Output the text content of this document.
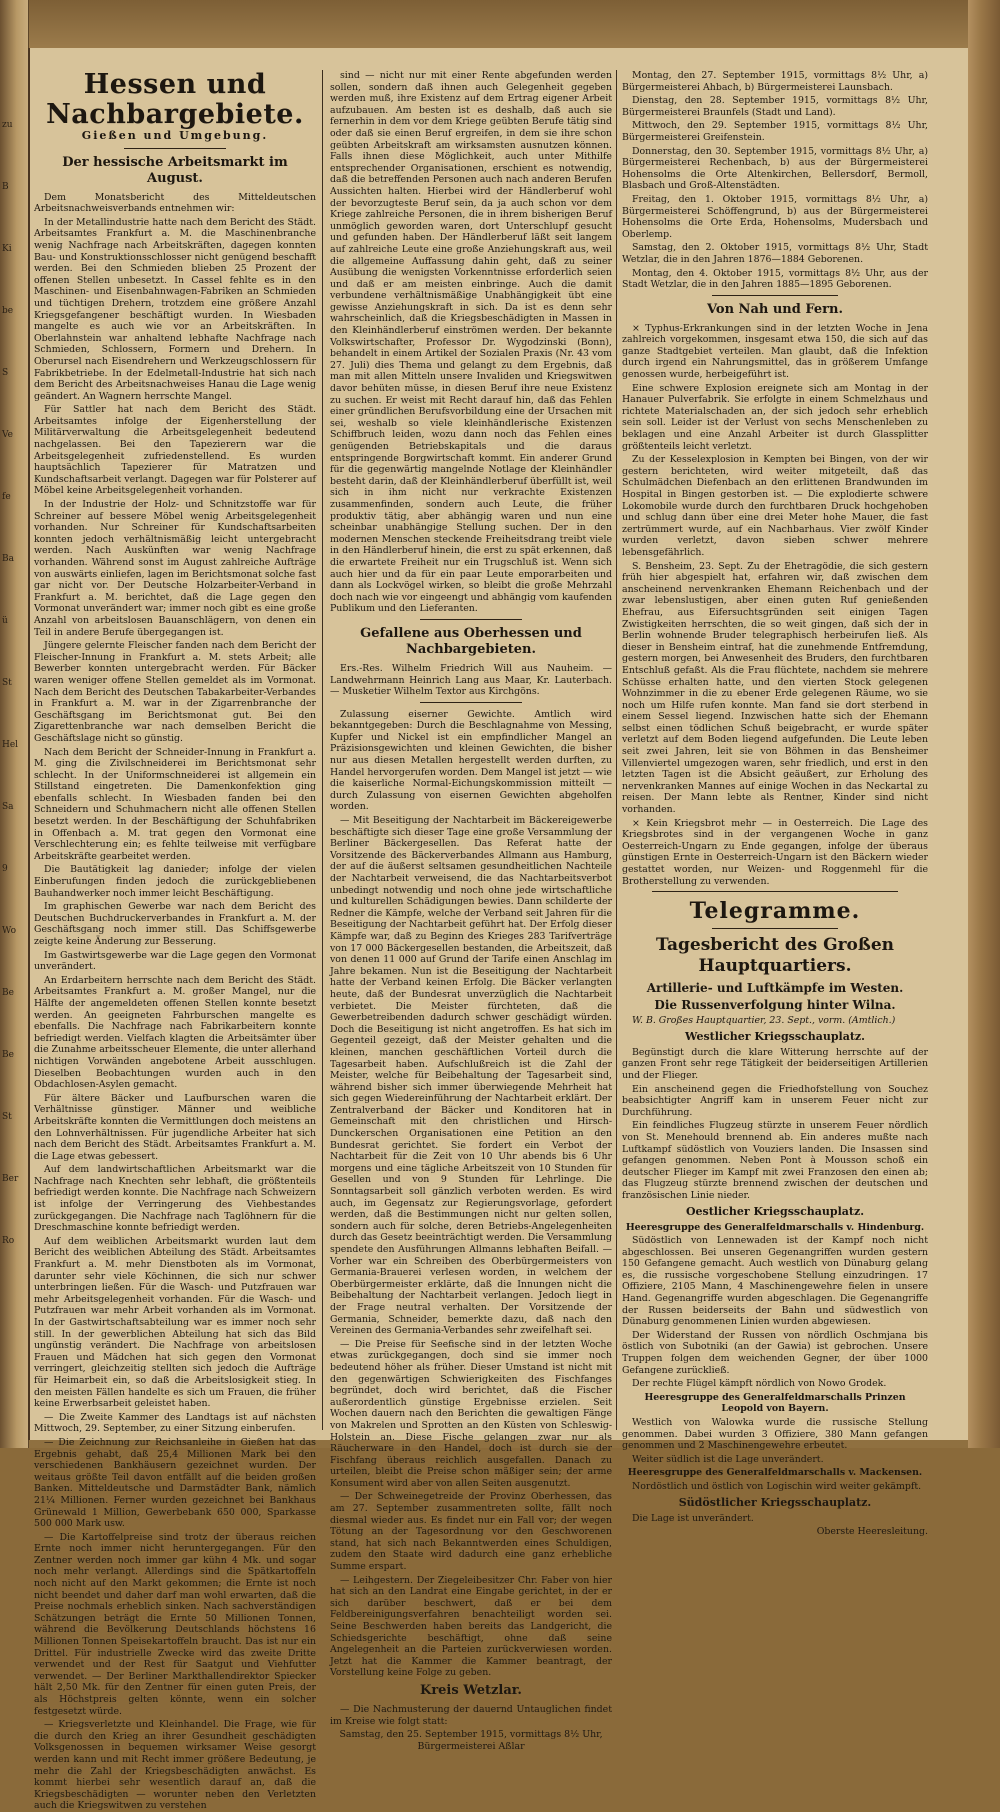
zu
B
Ki
be
S
Ve
fe
Ba
ü
St
Hel
Sa
9
Wo
Be
Be
St
Ber
Ro
Hessen und Nachbargebiete.
Gießen und Umgebung.
Der hessische Arbeitsmarkt im August.

Dem Monatsbericht des Mitteldeutschen Arbeitsnachweisverbands entnehmen wir:

In der Metallindustrie hatte nach dem Bericht des Städt. Arbeitsamtes Frankfurt a. M. die Maschinenbranche wenig Nachfrage nach Arbeitskräften, dagegen konnten Bau- und Konstruktionsschlosser nicht genügend beschafft werden. Bei den Schmieden blieben 25 Prozent der offenen Stellen unbesetzt. In Cassel fehlte es in den Maschinen- und Eisenbahnwagen-Fabriken an Schmieden und tüchtigen Drehern, trotzdem eine größere Anzahl Kriegsgefangener beschäftigt wurden. In Wiesbaden mangelte es auch wie vor an Arbeitskräften. In Oberlahnstein war anhaltend lebhafte Nachfrage nach Schmieden, Schlossern, Formern und Drehern. In Oberursel nach Eisendrehern und Werkzeugschlossern für Fabrikbetriebe. In der Edelmetall-Industrie hat sich nach dem Bericht des Arbeitsnachweises Hanau die Lage wenig geändert. An Wagnern herrschte Mangel.

Für Sattler hat nach dem Bericht des Städt. Arbeitsamtes infolge der Eigenherstellung der Militärverwaltung die Arbeitsgelegenheit bedeutend nachgelassen. Bei den Tapezierern war die Arbeitsgelegenheit zufriedenstellend. Es wurden hauptsächlich Tapezierer für Matratzen und Kundschaftsarbeit verlangt. Dagegen war für Polsterer auf Möbel keine Arbeitsgelegenheit vorhanden.

In der Industrie der Holz- und Schnitzstoffe war für Schreiner auf bessere Möbel wenig Arbeitsgelegenheit vorhanden. Nur Schreiner für Kundschaftsarbeiten konnten jedoch verhältnismäßig leicht untergebracht werden. Nach Auskünften war wenig Nachfrage vorhanden. Während sonst im August zahlreiche Aufträge von auswärts einliefen, lagen im Berichtsmonat solche fast gar nicht vor. Der Deutsche Holzarbeiter-Verband in Frankfurt a. M. berichtet, daß die Lage gegen den Vormonat unverändert war; immer noch gibt es eine große Anzahl von arbeitslosen Bauanschlägern, von denen ein Teil in andere Berufe übergegangen ist.

Jüngere gelernte Fleischer fanden nach dem Bericht der Fleischer-Innung in Frankfurt a. M. stets Arbeit; alle Bewerber konnten untergebracht werden. Für Bäcker waren weniger offene Stellen gemeldet als im Vormonat. Nach dem Bericht des Deutschen Tabakarbeiter-Verbandes in Frankfurt a. M. war in der Zigarrenbranche der Geschäftsgang im Berichtsmonat gut. Bei den Zigarettenbranche war nach demselben Bericht die Geschäftslage nicht so günstig.

Nach dem Bericht der Schneider-Innung in Frankfurt a. M. ging die Zivilschneiderei im Berichtsmonat sehr schlecht. In der Uniformschneiderei ist allgemein ein Stillstand eingetreten. Die Damenkonfektion ging ebenfalls schlecht. In Wiesbaden fanden bei den Schneidern und Schuhmachern nicht alle offenen Stellen besetzt werden. In der Beschäftigung der Schuhfabriken in Offenbach a. M. trat gegen den Vormonat eine Verschlechterung ein; es fehlte teilweise mit verfügbare Arbeitskräfte gearbeitet werden.

Die Bautätigkeit lag danieder; infolge der vielen Einberufungen finden jedoch die zurückgebliebenen Bauhandwerker noch immer leicht Beschäftigung.

Im graphischen Gewerbe war nach dem Bericht des Deutschen Buchdruckerverbandes in Frankfurt a. M. der Geschäftsgang noch immer still. Das Schiffsgewerbe zeigte keine Änderung zur Besserung.

Im Gastwirtsgewerbe war die Lage gegen den Vormonat unverändert.

An Erdarbeitern herrschte nach dem Bericht des Städt. Arbeitsamtes Frankfurt a. M. großer Mangel, nur die Hälfte der angemeldeten offenen Stellen konnte besetzt werden. An geeigneten Fahrburschen mangelte es ebenfalls. Die Nachfrage nach Fabrikarbeitern konnte befriedigt werden. Vielfach klagten die Arbeitsämter über die Zunahme arbeitsscheuer Elemente, die unter allerhand nichtigen Vorwänden angebotene Arbeit ausschlugen. Dieselben Beobachtungen wurden auch in den Obdachlosen-Asylen gemacht.

Für ältere Bäcker und Laufburschen waren die Verhältnisse günstiger. Männer und weibliche Arbeitskräfte konnten die Vermittlungen doch meistens an den Lohnverhältnissen. Für jugendliche Arbeiter hat sich nach dem Bericht des Städt. Arbeitsamtes Frankfurt a. M. die Lage etwas gebessert.

Auf dem landwirtschaftlichen Arbeitsmarkt war die Nachfrage nach Knechten sehr lebhaft, die größtenteils befriedigt werden konnte. Die Nachfrage nach Schweizern ist infolge der Verringerung des Viehbestandes zurückgegangen. Die Nachfrage nach Taglöhnern für die Dreschmaschine konnte befriedigt werden.

Auf dem weiblichen Arbeitsmarkt wurden laut dem Bericht des weiblichen Abteilung des Städt. Arbeitsamtes Frankfurt a. M. mehr Dienstboten als im Vormonat, darunter sehr viele Köchinnen, die sich nur schwer unterbringen ließen. Für die Wasch- und Putzfrauen war mehr Arbeitsgelegenheit vorhanden. Für die Wasch- und Putzfrauen war mehr Arbeit vorhanden als im Vormonat. In der Gastwirtschaftsabteilung war es immer noch sehr still. In der gewerblichen Abteilung hat sich das Bild ungünstig verändert. Die Nachfrage von arbeitslosen Frauen und Mädchen hat sich gegen den Vormonat verringert, gleichzeitig stellten sich jedoch die Aufträge für Heimarbeit ein, so daß die Arbeitslosigkeit stieg. In den meisten Fällen handelte es sich um Frauen, die früher keine Erwerbsarbeit geleistet haben.

— Die Zweite Kammer des Landtags ist auf nächsten Mittwoch, 29. September, zu einer Sitzung einberufen.

— Die Zeichnung zur Reichsanleihe in Gießen hat das Ergebnis gehabt, daß 25,4 Millionen Mark bei den verschiedenen Bankhäusern gezeichnet wurden. Der weitaus größte Teil davon entfällt auf die beiden großen Banken. Mitteldeutsche und Darmstädter Bank, nämlich 21¼ Millionen. Ferner wurden gezeichnet bei Bankhaus Grünewald 1 Million, Gewerbebank 650 000, Sparkasse 500 000 Mark usw.

— Die Kartoffelpreise sind trotz der überaus reichen Ernte noch immer nicht heruntergegangen. Für den Zentner werden noch immer gar kühn 4 Mk. und sogar noch mehr verlangt. Allerdings sind die Spätkartoffeln noch nicht auf den Markt gekommen; die Ernte ist noch nicht beendet und daher darf man wohl erwarten, daß die Preise nochmals erheblich sinken. Nach sachverständigen Schätzungen beträgt die Ernte 50 Millionen Tonnen, während die Bevölkerung Deutschlands höchstens 16 Millionen Tonnen Speisekartoffeln braucht. Das ist nur ein Drittel. Für industrielle Zwecke wird das zweite Dritte verwendet und der Rest für Saatgut und Viehfutter verwendet. — Der Berliner Markthallendirektor Spiecker hält 2,50 Mk. für den Zentner für einen guten Preis, der als Höchstpreis gelten könnte, wenn ein solcher festgesetzt würde.

— Kriegsverletzte und Kleinhandel. Die Frage, wie für die durch den Krieg an ihrer Gesundheit geschädigten Volksgenossen in bequemen wirksamer Weise gesorgt werden kann und mit Recht immer größere Bedeutung, je mehr die Zahl der Kriegsbeschädigten anwächst. Es kommt hierbei sehr wesentlich darauf an, daß die Kriegsbeschädigten — worunter neben den Verletzten auch die Kriegswitwen zu verstehen

sind — nicht nur mit einer Rente abgefunden werden sollen, sondern daß ihnen auch Gelegenheit gegeben werden muß, ihre Existenz auf dem Ertrag eigener Arbeit aufzubauen. Am besten ist es deshalb, daß auch sie fernerhin in dem vor dem Kriege geübten Berufe tätig sind oder daß sie einen Beruf ergreifen, in dem sie ihre schon geübten Arbeitskraft am wirksamsten ausnutzen können. Falls ihnen diese Möglichkeit, auch unter Mithilfe entsprechender Organisationen, erschient es notwendig, daß die betreffenden Personen auch nach anderen Berufen Aussichten halten. Hierbei wird der Händlerberuf wohl der bevorzugteste Beruf sein, da ja auch schon vor dem Kriege zahlreiche Personen, die in ihrem bisherigen Beruf unmöglich geworden waren, dort Unterschlupf gesucht und gefunden haben. Der Händlerberuf läßt seit langem auf zahlreiche Leute eine große Anziehungskraft aus, weil die allgemeine Auffassung dahin geht, daß zu seiner Ausübung die wenigsten Vorkenntnisse erforderlich seien und daß er am meisten einbringe. Auch die damit verbundene verhältnismäßige Unabhängigkeit übt eine gewisse Anziehungskraft in sich. Da ist es denn sehr wahrscheinlich, daß die Kriegsbeschädigten in Massen in den Kleinhändlerberuf einströmen werden. Der bekannte Volkswirtschafter, Professor Dr. Wygodzinski (Bonn), behandelt in einem Artikel der Sozialen Praxis (Nr. 43 vom 27. Juli) dies Thema und gelangt zu dem Ergebnis, daß man mit allen Mitteln unsere Invaliden und Kriegswitwen davor behüten müsse, in diesen Beruf ihre neue Existenz zu suchen. Er weist mit Recht darauf hin, daß das Fehlen einer gründlichen Berufsvorbildung eine der Ursachen mit sei, weshalb so viele kleinhändlerische Existenzen Schiffbruch leiden, wozu dann noch das Fehlen eines genügenden Betriebskapitals und die daraus entspringende Borgwirtschaft kommt. Ein anderer Grund für die gegenwärtig mangelnde Notlage der Kleinhändler besteht darin, daß der Kleinhändlerberuf überfüllt ist, weil sich in ihm nicht nur verkrachte Existenzen zusammenfinden, sondern auch Leute, die früher produktiv tätig, aber abhängig waren und nun eine scheinbar unabhängige Stellung suchen. Der in den modernen Menschen steckende Freiheitsdrang treibt viele in den Händlerberuf hinein, die erst zu spät erkennen, daß die erwartete Freiheit nur ein Trugschluß ist. Wenn sich auch hier und da für ein paar Leute emporarbeiten und dann als Lockvögel wirken, so bleibt die große Mehrzahl doch nach wie vor eingeengt und abhängig vom kaufenden Publikum und den Lieferanten.

Gefallene aus Oberhessen und Nachbargebieten.

Ers.-Res. Wilhelm Friedrich Will aus Nauheim. — Landwehrmann Heinrich Lang aus Maar, Kr. Lauterbach. — Musketier Wilhelm Textor aus Kirchgöns.

Zulassung eiserner Gewichte. Amtlich wird bekanntgegeben: Durch die Beschlagnahme von Messing, Kupfer und Nickel ist ein empfindlicher Mangel an Präzisionsgewichten und kleinen Gewichten, die bisher nur aus diesen Metallen hergestellt werden durften, zu Handel hervorgerufen worden. Dem Mangel ist jetzt — wie die kaiserliche Normal-Eichungskommission mitteilt — durch Zulassung von eisernen Gewichten abgeholfen worden.

— Mit Beseitigung der Nachtarbeit im Bäckereigewerbe beschäftigte sich dieser Tage eine große Versammlung der Berliner Bäckergesellen. Das Referat hatte der Vorsitzende des Bäckerverbandes Allmann aus Hamburg, der auf die äußerst seltsamen gesundheitlichen Nachteile der Nachtarbeit verweisend, die das Nachtarbeitsverbot unbedingt notwendig und noch ohne jede wirtschaftliche und kulturellen Schädigungen bewies. Dann schilderte der Redner die Kämpfe, welche der Verband seit Jahren für die Beseitigung der Nachtarbeit geführt hat. Der Erfolg dieser Kämpfe war, daß zu Beginn des Krieges 283 Tarifverträge von 17 000 Bäckergesellen bestanden, die Arbeitszeit, daß von denen 11 000 auf Grund der Tarife einen Anschlag im Jahre bekamen. Nun ist die Beseitigung der Nachtarbeit hatte der Verband keinen Erfolg. Die Bäcker verlangten heute, daß der Bundesrat unverzüglich die Nachtarbeit verbietet. Die Meister fürchteten, daß die Gewerbetreibenden dadurch schwer geschädigt würden. Doch die Beseitigung ist nicht angetroffen. Es hat sich im Gegenteil gezeigt, daß der Meister gehalten und die kleinen, manchen geschäftlichen Vorteil durch die Tagesarbeit haben. Aufschlußreich ist die Zahl der Meister, welche für Beibehaltung der Tagesarbeit sind, während bisher sich immer überwiegende Mehrheit hat sich gegen Wiedereinführung der Nachtarbeit erklärt. Der Zentralverband der Bäcker und Konditoren hat in Gemeinschaft mit den christlichen und Hirsch-Dunckerschen Organisationen eine Petition an den Bundesrat gerichtet. Sie fordert ein Verbot der Nachtarbeit für die Zeit von 10 Uhr abends bis 6 Uhr morgens und eine tägliche Arbeitszeit von 10 Stunden für Gesellen und von 9 Stunden für Lehrlinge. Die Sonntagsarbeit soll gänzlich verboten werden. Es wird auch, im Gegensatz zur Regierungsvorlage, gefordert werden, daß die Bestimmungen nicht nur gelten sollen, sondern auch für solche, deren Betriebs-Angelegenheiten durch das Gesetz beeinträchtigt werden. Die Versammlung spendete den Ausführungen Allmanns lebhaften Beifall. — Vorher war ein Schreiben des Oberbürgermeisters von Germania-Brauerei verlesen worden, in welchem der Oberbürgermeister erklärte, daß die Innungen nicht die Beibehaltung der Nachtarbeit verlangen. Jedoch liegt in der Frage neutral verhalten. Der Vorsitzende der Germania, Schneider, bemerkte dazu, daß nach den Vereinen des Germania-Verbandes sehr zweifelhaft sei.

— Die Preise für Seefische sind in der letzten Woche etwas zurückgegangen, doch sind sie immer noch bedeutend höher als früher. Dieser Umstand ist nicht mit den gegenwärtigen Schwierigkeiten des Fischfanges begründet, doch wird berichtet, daß die Fischer außerordentlich günstige Ergebnisse erzielen. Seit Wochen dauern nach den Berichten die gewaltigen Fänge von Makrelen und Sprotten an den Küsten von Schleswig-Holstein an. Diese Fische gelangen zwar nur als Räucherware in den Handel, doch ist durch sie der Fischfang überaus reichlich ausgefallen. Danach zu urteilen, bleibt die Preise schon mäßiger sein; der arme Konsument wird aber von allen Seiten ausgenutzt.

— Der Schweinegetreide der Provinz Oberhessen, das am 27. September zusammentreten sollte, fällt noch diesmal wieder aus. Es findet nur ein Fall vor; der wegen Tötung an der Tagesordnung vor den Geschworenen stand, hat sich nach Bekanntwerden eines Schuldigen, zudem den Staate wird dadurch eine ganz erhebliche Summe erspart.

— Leihgestern. Der Ziegeleibesitzer Chr. Faber von hier hat sich an den Landrat eine Eingabe gerichtet, in der er sich darüber beschwert, daß er bei dem Feldbereinigungsverfahren benachteiligt worden sei. Seine Beschwerden haben bereits das Landgericht, die Schiedsgerichte beschäftigt, ohne daß seine Angelegenheit an die Parteien zurückverwiesen worden. Jetzt hat die Kammer die Kammer beantragt, der Vorstellung keine Folge zu geben.

Kreis Wetzlar.

— Die Nachmusterung der dauernd Untauglichen findet im Kreise wie folgt statt:

Samstag, den 25. September 1915, vormittags 8½ Uhr, Bürgermeisterei Aßlar

Montag, den 27. September 1915, vormittags 8½ Uhr, a) Bürgermeisterei Ahbach, b) Bürgermeisterei Launsbach.

Dienstag, den 28. September 1915, vormittags 8½ Uhr, Bürgermeisterei Braunfels (Stadt und Land).

Mittwoch, den 29. September 1915, vormittags 8½ Uhr, Bürgermeisterei Greifenstein.

Donnerstag, den 30. September 1915, vormittags 8½ Uhr, a) Bürgermeisterei Rechenbach, b) aus der Bürgermeisterei Hohensolms die Orte Altenkirchen, Bellersdorf, Bermoll, Blasbach und Groß-Altenstädten.

Freitag, den 1. Oktober 1915, vormittags 8½ Uhr, a) Bürgermeisterei Schöffengrund, b) aus der Bürgermeisterei Hohensolms die Orte Erda, Hohensolms, Mudersbach und Oberlemp.

Samstag, den 2. Oktober 1915, vormittags 8½ Uhr, Stadt Wetzlar, die in den Jahren 1876—1884 Geborenen.

Montag, den 4. Oktober 1915, vormittags 8½ Uhr, aus der Stadt Wetzlar, die in den Jahren 1885—1895 Geborenen.

Von Nah und Fern.

× Typhus-Erkrankungen sind in der letzten Woche in Jena zahlreich vorgekommen, insgesamt etwa 150, die sich auf das ganze Stadtgebiet verteilen. Man glaubt, daß die Infektion durch irgend ein Nahrungsmittel, das in größerem Umfange genossen wurde, herbeigeführt ist.

Eine schwere Explosion ereignete sich am Montag in der Hanauer Pulverfabrik. Sie erfolgte in einem Schmelzhaus und richtete Materialschaden an, der sich jedoch sehr erheblich sein soll. Leider ist der Verlust von sechs Menschenleben zu beklagen und eine Anzahl Arbeiter ist durch Glassplitter größtenteils leicht verletzt.

Zu der Kesselexplosion in Kempten bei Bingen, von der wir gestern berichteten, wird weiter mitgeteilt, daß das Schulmädchen Diefenbach an den erlittenen Brandwunden im Hospital in Bingen gestorben ist. — Die explodierte schwere Lokomobile wurde durch den furchtbaren Druck hochgehoben und schlug dann über eine drei Meter hohe Mauer, die fast zertrümmert wurde, auf ein Nachbarhaus. Vier zwölf Kinder wurden verletzt, davon sieben schwer mehrere lebensgefährlich.

S. Bensheim, 23. Sept. Zu der Ehetragödie, die sich gestern früh hier abgespielt hat, erfahren wir, daß zwischen dem anscheinend nervenkranken Ehemann Reichenbach und der zwar lebenslustigen, aber einen guten Ruf genießenden Ehefrau, aus Eifersuchtsgründen seit einigen Tagen Zwistigkeiten herrschten, die so weit gingen, daß sich der in Berlin wohnende Bruder telegraphisch herbeirufen ließ. Als dieser in Bensheim eintraf, hat die zunehmende Entfremdung, gestern morgen, bei Anwesenheit des Bruders, den furchtbaren Entschluß gefaßt. Als die Frau flüchtete, nachdem sie mehrere Schüsse erhalten hatte, und den vierten Stock gelegenen Wohnzimmer in die zu ebener Erde gelegenen Räume, wo sie noch um Hilfe rufen konnte. Man fand sie dort sterbend in einem Sessel liegend. Inzwischen hatte sich der Ehemann selbst einen tödlichen Schuß beigebracht, er wurde später verletzt auf dem Boden liegend aufgefunden. Die Leute leben seit zwei Jahren, leit sie von Böhmen in das Bensheimer Villenviertel umgezogen waren, sehr friedlich, und erst in den letzten Tagen ist die Absicht geäußert, zur Erholung des nervenkranken Mannes auf einige Wochen in das Neckartal zu reisen. Der Mann lebte als Rentner, Kinder sind nicht vorhanden.

× Kein Kriegsbrot mehr — in Oesterreich. Die Lage des Kriegsbrotes sind in der vergangenen Woche in ganz Oesterreich-Ungarn zu Ende gegangen, infolge der überaus günstigen Ernte in Oesterreich-Ungarn ist den Bäckern wieder gestattet worden, nur Weizen- und Roggenmehl für die Brotherstellung zu verwenden.

Telegramme.
Tagesbericht des Großen Hauptquartiers.
Artillerie- und Luftkämpfe im Westen.
Die Russenverfolgung hinter Wilna.

W. B. Großes Hauptquartier, 23. Sept., vorm. (Amtlich.)

Westlicher Kriegsschauplatz.

Begünstigt durch die klare Witterung herrschte auf der ganzen Front sehr rege Tätigkeit der beiderseitigen Artillerien und der Flieger.

Ein anscheinend gegen die Friedhofstellung von Souchez beabsichtigter Angriff kam in unserem Feuer nicht zur Durchführung.

Ein feindliches Flugzeug stürzte in unserem Feuer nördlich von St. Menehould brennend ab. Ein anderes mußte nach Luftkampf südöstlich von Vouziers landen. Die Insassen sind gefangen genommen. Neben Pont à Mousson schoß ein deutscher Flieger im Kampf mit zwei Franzosen den einen ab; das Flugzeug stürzte brennend zwischen der deutschen und französischen Linie nieder.

Oestlicher Kriegsschauplatz.

Heeresgruppe des Generalfeldmarschalls v. Hindenburg.

Südöstlich von Lennewaden ist der Kampf noch nicht abgeschlossen. Bei unseren Gegenangriffen wurden gestern 150 Gefangene gemacht. Auch westlich von Dünaburg gelang es, die russische vorgeschobene Stellung einzudringen. 17 Offiziere, 2105 Mann, 4 Maschinengewehre fielen in unsere Hand. Gegenangriffe wurden abgeschlagen. Die Gegenangriffe der Russen beiderseits der Bahn und südwestlich von Dünaburg genommenen Linien wurden abgewiesen.

Der Widerstand der Russen von nördlich Oschmjana bis östlich von Subotniki (an der Gawia) ist gebrochen. Unsere Truppen folgen dem weichenden Gegner, der über 1000 Gefangene zurückließ.

Der rechte Flügel kämpft nördlich von Nowo Grodek.

Heeresgruppe des Generalfeldmarschalls Prinzen Leopold von Bayern.

Westlich von Walowka wurde die russische Stellung genommen. Dabei wurden 3 Offiziere, 380 Mann gefangen genommen und 2 Maschinengewehre erbeutet.

Weiter südlich ist die Lage unverändert.

Heeresgruppe des Generalfeldmarschalls v. Mackensen.

Nordöstlich und östlich von Logischin wird weiter gekämpft.

Südöstlicher Kriegsschauplatz.

Die Lage ist unverändert.

Oberste Heeresleitung.
